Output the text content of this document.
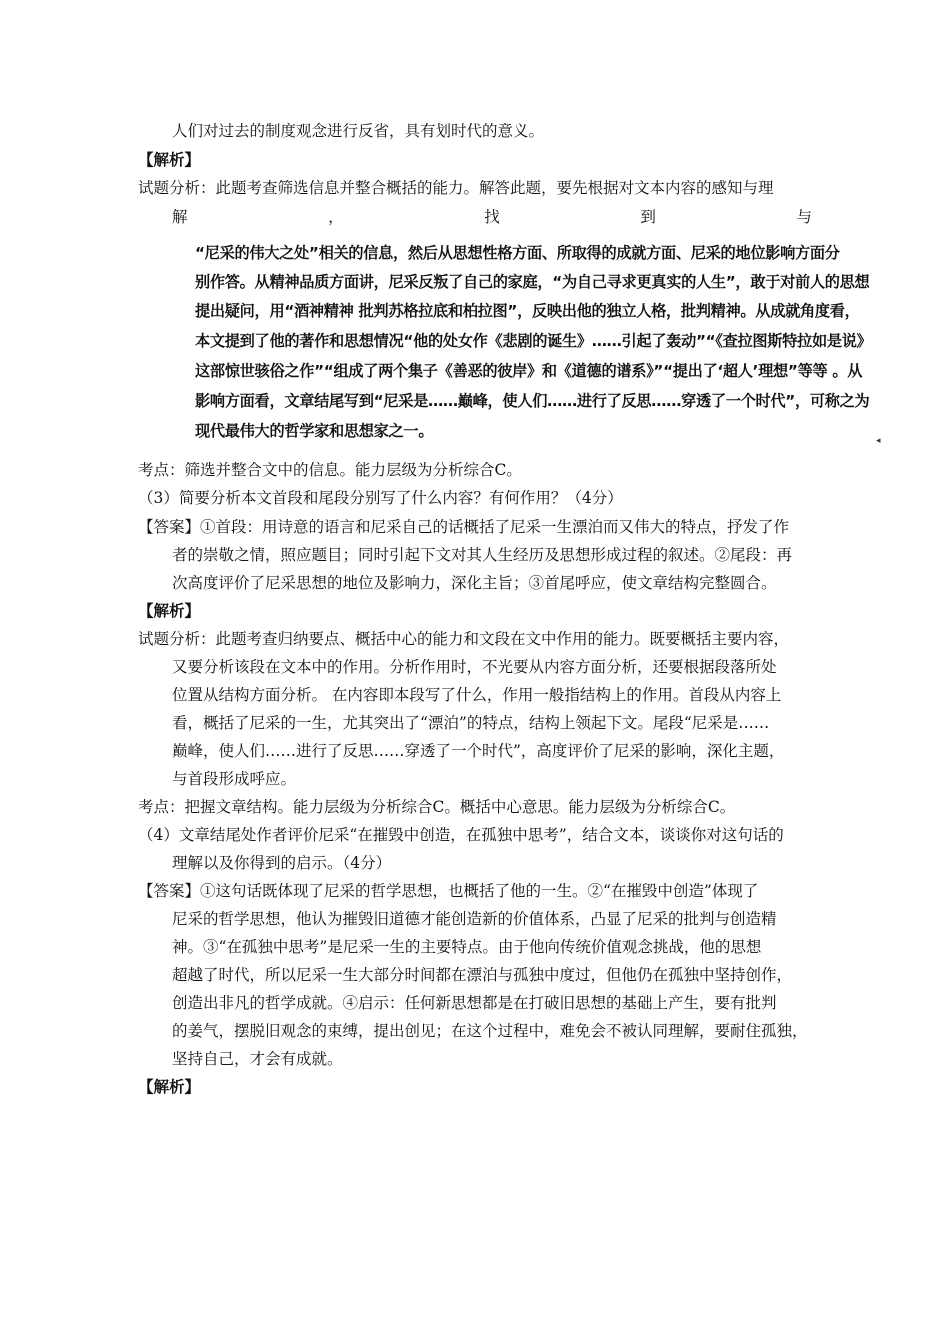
人们对过去的制度观念进行反省，具有划时代的意义。
【解析】
试题分析：此题考查筛选信息并整合概括的能力。解答此题，要先根据对文本内容的感知与理
解	，	找	到	与
“尼采的伟大之处”相关的信息，然后从思想性格方面、所取得的成就方面、尼采的地位影响方面分
别作答。从精神品质方面讲，尼采反叛了自己的家庭，“为自己寻求更真实的人生”，敢于对前人的思想
提出疑问，用“酒神精神 批判苏格拉底和柏拉图”，反映出他的独立人格，批判精神。从成就角度看，
本文提到了他的著作和思想情况“他的处女作《悲剧的诞生》……引起了轰动”“《查拉图斯特拉如是说》
这部惊世骇俗之作”“组成了两个集子《善恶的彼岸》和《道德的谱系》”“提出了‘超人’理想”等等 。从
影响方面看，文章结尾写到“尼采是……巅峰，使人们……进行了反思……穿透了一个时代”，可称之为
现代最伟大的哲学家和思想家之一。
◂
考点：筛选并整合文中的信息。能力层级为分析综合C。
（3）简要分析本文首段和尾段分别写了什么内容？有何作用？（4分）
【答案】①首段：用诗意的语言和尼采自己的话概括了尼采一生漂泊而又伟大的特点，抒发了作
者的崇敬之情，照应题目；同时引起下文对其人生经历及思想形成过程的叙述。②尾段：再
次高度评价了尼采思想的地位及影响力，深化主旨；③首尾呼应，使文章结构完整圆合。
【解析】
试题分析：此题考查归纳要点、概括中心的能力和文段在文中作用的能力。既要概括主要内容，
又要分析该段在文本中的作用。分析作用时，不光要从内容方面分析，还要根据段落所处
位置从结构方面分析。 在内容即本段写了什么，作用一般指结构上的作用。首段从内容上
看，概括了尼采的一生，尤其突出了“漂泊”的特点，结构上领起下文。尾段“尼采是……
巅峰，使人们……进行了反思……穿透了一个时代”，高度评价了尼采的影响，深化主题，
与首段形成呼应。
考点：把握文章结构。能力层级为分析综合C。概括中心意思。能力层级为分析综合C。
（4）文章结尾处作者评价尼采“在摧毁中创造，在孤独中思考”，结合文本，谈谈你对这句话的
理解以及你得到的启示。（4分）
【答案】①这句话既体现了尼采的哲学思想，也概括了他的一生。②“在摧毁中创造”体现了
尼采的哲学思想，他认为摧毁旧道德才能创造新的价值体系，凸显了尼采的批判与创造精
神。③“在孤独中思考”是尼采一生的主要特点。由于他向传统价值观念挑战，他的思想
超越了时代，所以尼采一生大部分时间都在漂泊与孤独中度过，但他仍在孤独中坚持创作，
创造出非凡的哲学成就。④启示：任何新思想都是在打破旧思想的基础上产生，要有批判
的姜气，摆脱旧观念的束缚，提出创见；在这个过程中，难免会不被认同理解，要耐住孤独，
坚持自己，才会有成就。
【解析】
